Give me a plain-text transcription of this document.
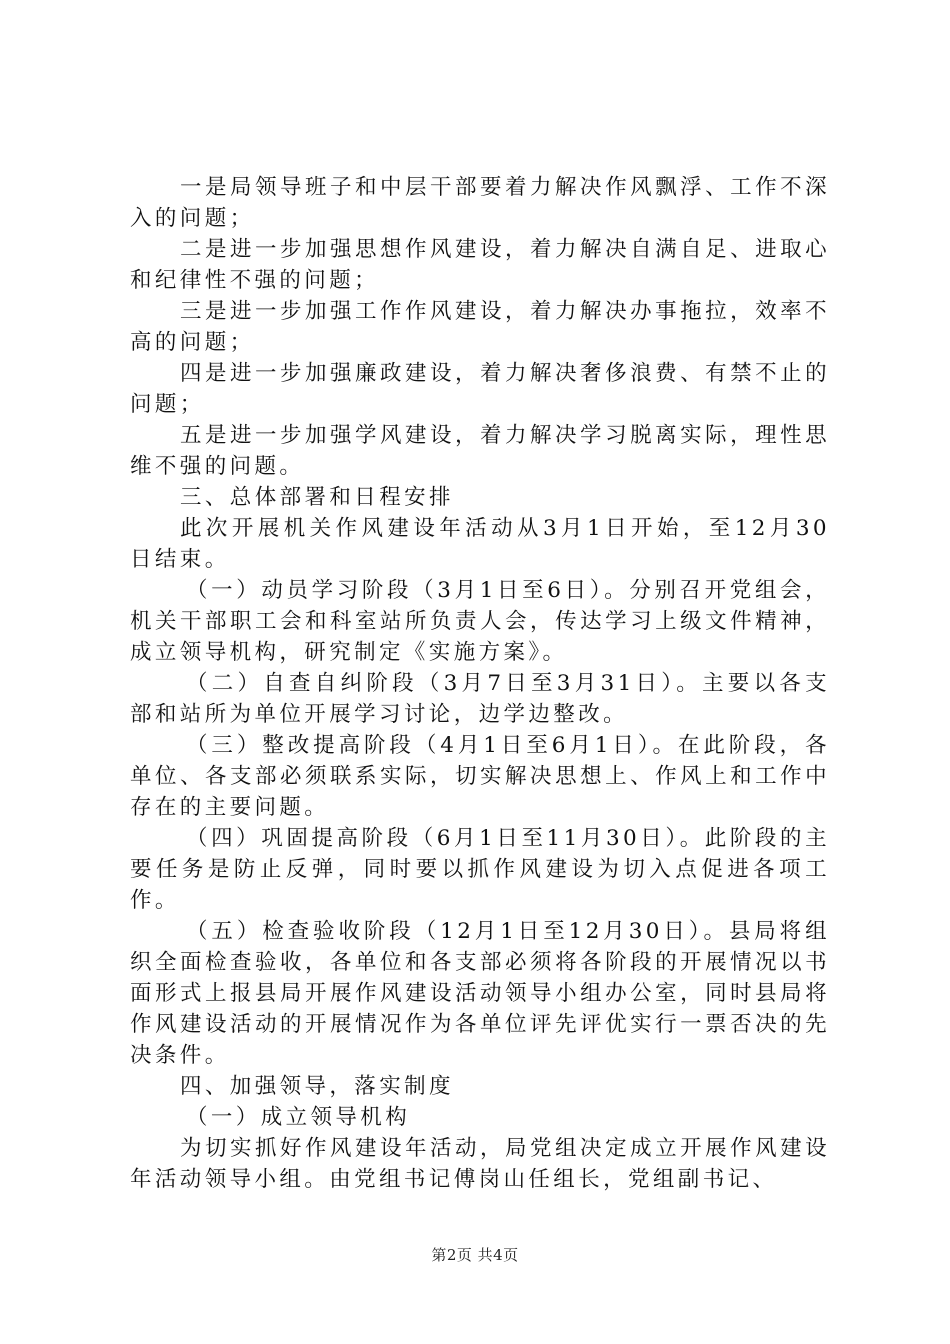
一是局领导班子和中层干部要着力解决作风飘浮、工作不深入的问题；

二是进一步加强思想作风建设，着力解决自满自足、进取心和纪律性不强的问题；

三是进一步加强工作作风建设，着力解决办事拖拉，效率不高的问题；

四是进一步加强廉政建设，着力解决奢侈浪费、有禁不止的问题；

五是进一步加强学风建设，着力解决学习脱离实际，理性思维不强的问题。

三、总体部署和日程安排

此次开展机关作风建设年活动从3月1日开始，至12月30日结束。

（一）动员学习阶段（3月1日至6日）。分别召开党组会，机关干部职工会和科室站所负责人会，传达学习上级文件精神，成立领导机构，研究制定《实施方案》。

（二）自查自纠阶段（3月7日至3月31日）。主要以各支部和站所为单位开展学习讨论，边学边整改。

（三）整改提高阶段（4月1日至6月1日）。在此阶段，各单位、各支部必须联系实际，切实解决思想上、作风上和工作中存在的主要问题。

（四）巩固提高阶段（6月1日至11月30日）。此阶段的主要任务是防止反弹，同时要以抓作风建设为切入点促进各项工作。

（五）检查验收阶段（12月1日至12月30日）。县局将组织全面检查验收，各单位和各支部必须将各阶段的开展情况以书面形式上报县局开展作风建设活动领导小组办公室，同时县局将作风建设活动的开展情况作为各单位评先评优实行一票否决的先决条件。

四、加强领导，落实制度

（一）成立领导机构

为切实抓好作风建设年活动，局党组决定成立开展作风建设年活动领导小组。由党组书记傅岗山任组长，党组副书记、

第2页 共4页
